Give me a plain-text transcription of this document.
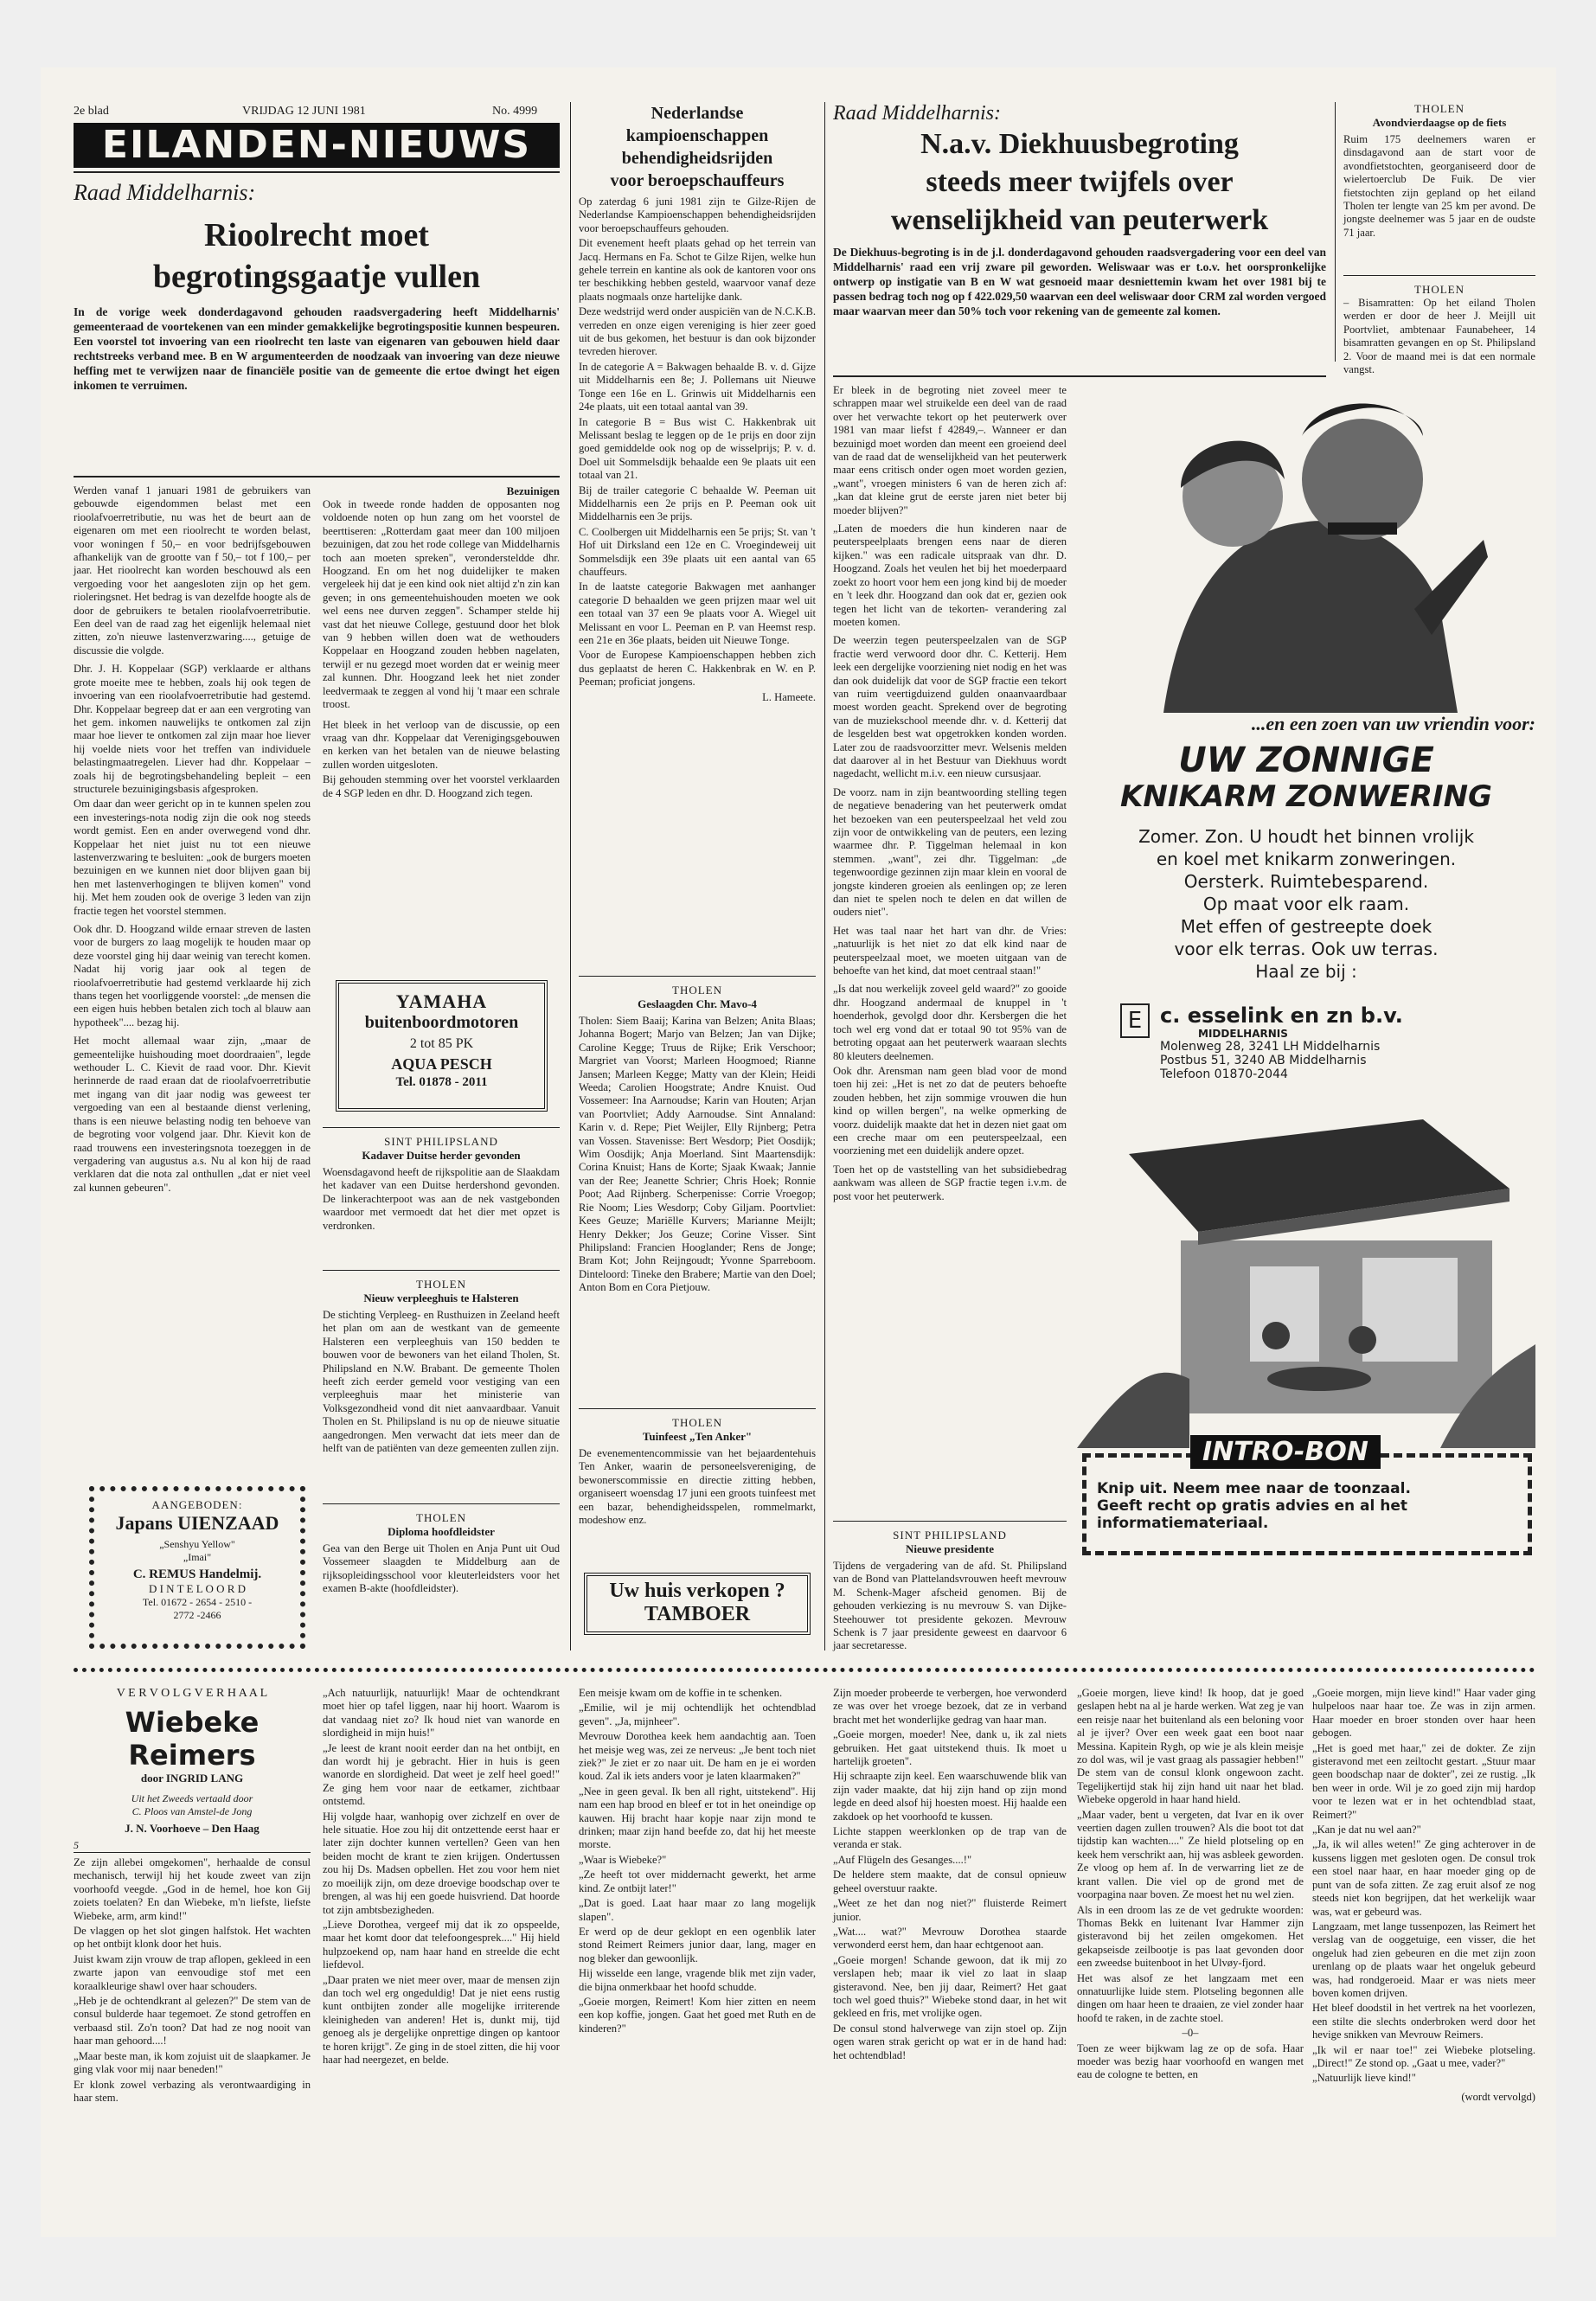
2e blad	VRIJDAG 12 JUNI 1981	No. 4999
EILANDEN-NIEUWS
Raad Middelharnis:
Rioolrecht moet
begrotingsgaatje vullen
In de vorige week donderdagavond gehouden raadsvergadering heeft Middelharnis' gemeenteraad de voortekenen van een minder gemakkelijke begrotingspositie kunnen bespeuren. Een voorstel tot invoering van een rioolrecht ten laste van eigenaren van gebouwen hield daar rechtstreeks verband mee. B en W argumenteerden de noodzaak van invoering van deze nieuwe heffing met te verwijzen naar de financiële positie van de gemeente die ertoe dwingt het eigen inkomen te verruimen.
Werden vanaf 1 januari 1981 de gebruikers van gebouwde eigendommen belast met een rioolafvoerretributie, nu was het de beurt aan de eigenaren om met een rioolrecht te worden belast, voor woningen f 50,– en voor bedrijfsgebouwen afhankelijk van de grootte van f 50,– tot f 100,– per jaar. Het rioolrecht kan worden beschouwd als een vergoeding voor het aangesloten zijn op het gem. rioleringsnet. Het bedrag is van dezelfde hoogte als de door de gebruikers te betalen rioolafvoerretributie. Een deel van de raad zag het eigenlijk helemaal niet zitten, zo'n nieuwe lastenverzwaring...., getuige de discussie die volgde.
Dhr. J. H. Koppelaar (SGP) verklaarde er althans grote moeite mee te hebben, zoals hij ook tegen de invoering van een rioolafvoerretributie had gestemd. Dhr. Koppelaar begreep dat er aan een vergroting van het gem. inkomen nauwelijks te ontkomen zal zijn maar hoe liever te ontkomen zal zijn maar hoe liever hij voelde niets voor het treffen van individuele belastingmaatregelen. Liever had dhr. Koppelaar – zoals hij de begrotingsbehandeling bepleit – een structurele bezuinigingsbasis afgesproken.
Om daar dan weer gericht op in te kunnen spelen zou een investerings-nota nodig zijn die ook nog steeds wordt gemist. Een en ander overwegend vond dhr. Koppelaar het niet juist nu tot een nieuwe lastenverzwaring te besluiten: „ook de burgers moeten bezuinigen en we kunnen niet door blijven gaan bij hen met lastenverhogingen te blijven komen" vond hij. Met hem zouden ook de overige 3 leden van zijn fractie tegen het voorstel stemmen.
Ook dhr. D. Hoogzand wilde ernaar streven de lasten voor de burgers zo laag mogelijk te houden maar op deze voorstel ging hij daar weinig van terecht komen. Nadat hij vorig jaar ook al tegen de rioolafvoerretributie had gestemd verklaarde hij zich thans tegen het voorliggende voorstel: „de mensen die een eigen huis hebben betalen zich toch al blauw aan hypotheek".... bezag hij.
Het mocht allemaal waar zijn, „maar de gemeentelijke huishouding moet doordraaien", legde wethouder L. C. Kievit de raad voor. Dhr. Kievit herinnerde de raad eraan dat de rioolafvoerretributie met ingang van dit jaar nodig was geweest ter vergoeding van een al bestaande dienst verlening, thans is een nieuwe belasting nodig ten behoeve van de begroting voor volgend jaar. Dhr. Kievit kon de raad trouwens een investeringsnota toezeggen in de vergadering van augustus a.s. Nu al kon hij de raad verklaren dat die nota zal onthullen „dat er niet veel zal kunnen gebeuren".
Bezuinigen
Ook in tweede ronde hadden de opposanten nog voldoende noten op hun zang om het voorstel de beerttiseren: „Rotterdam gaat meer dan 100 miljoen bezuinigen, dat zou het rode college van Middelharnis toch aan moeten spreken", verondersteldde dhr. Hoogzand. En om het nog duidelijker te maken vergeleek hij dat je een kind ook niet altijd z'n zin kan geven; in ons gemeentehuishouden moeten we ook wel eens nee durven zeggen". Schamper stelde hij vast dat het nieuwe College, gestuund door het blok van 9 hebben willen doen wat de wethouders Koppelaar en Hoogzand zouden hebben nagelaten, terwijl er nu gezegd moet worden dat er weinig meer zal kunnen. Dhr. Hoogzand leek het niet zonder leedvermaak te zeggen al vond hij 't maar een schrale troost.
Het bleek in het verloop van de discussie, op een vraag van dhr. Koppelaar dat Verenigingsgebouwen en kerken van het betalen van de nieuwe belasting zullen worden uitgesloten.
Bij gehouden stemming over het voorstel verklaarden de 4 SGP leden en dhr. D. Hoogzand zich tegen.
YAMAHA
buitenboordmotoren
2 tot 85 PK
AQUA PESCH
Tel. 01878 - 2011
SINT PHILIPSLAND
Kadaver Duitse herder gevonden
Woensdagavond heeft de rijkspolitie aan de Slaakdam het kadaver van een Duitse herdershond gevonden. De linkerachterpoot was aan de nek vastgebonden waardoor met vermoedt dat het dier met opzet is verdronken.
THOLEN
Nieuw verpleeghuis te Halsteren
De stichting Verpleeg- en Rusthuizen in Zeeland heeft het plan om aan de westkant van de gemeente Halsteren een verpleeghuis van 150 bedden te bouwen voor de bewoners van het eiland Tholen, St. Philipsland en N.W. Brabant. De gemeente Tholen heeft zich eerder gemeld voor vestiging van een verpleeghuis maar het ministerie van Volksgezondheid vond dit niet aanvaardbaar. Vanuit Tholen en St. Philipsland is nu op de nieuwe situatie aangedrongen. Men verwacht dat iets meer dan de helft van de patiënten van deze gemeenten zullen zijn.
THOLEN
Diploma hoofdleidster
Gea van den Berge uit Tholen en Anja Punt uit Oud Vossemeer slaagden te Middelburg aan de rijksopleidingsschool voor kleuterleidsters voor het examen B-akte (hoofdleidster).
AANGEBODEN:
Japans UIENZAAD
„Senshyu Yellow"
„Imai"
C. REMUS Handelmij.
D I N T E L O O R D
Tel. 01672 - 2654 - 2510 -
2772 -2466
Nederlandse
kampioenschappen
behendigheidsrijden
voor beroepschauffeurs
Op zaterdag 6 juni 1981 zijn te Gilze-Rijen de Nederlandse Kampioenschappen behendigheidsrijden voor beroepschauffeurs gehouden.
Dit evenement heeft plaats gehad op het terrein van Jacq. Hermans en Fa. Schot te Gilze Rijen, welke hun gehele terrein en kantine als ook de kantoren voor ons ter beschikking hebben gesteld, waarvoor vanaf deze plaats nogmaals onze hartelijke dank.
Deze wedstrijd werd onder auspiciën van de N.C.K.B. verreden en onze eigen vereniging is hier zeer goed uit de bus gekomen, het bestuur is dan ook bijzonder tevreden hierover.
In de categorie A = Bakwagen behaalde B. v. d. Gijze uit Middelharnis een 8e; J. Pollemans uit Nieuwe Tonge een 16e en L. Grinwis uit Middelharnis een 24e plaats, uit een totaal aantal van 39.
In categorie B = Bus wist C. Hakkenbrak uit Melissant beslag te leggen op de 1e prijs en door zijn goed gemiddelde ook nog op de wisselprijs; P. v. d. Doel uit Sommelsdijk behaalde een 9e plaats uit een totaal van 21.
Bij de trailer categorie C behaalde W. Peeman uit Middelharnis een 2e prijs en P. Peeman ook uit Middelharnis een 3e prijs.
C. Coolbergen uit Middelharnis een 5e prijs; St. van 't Hof uit Dirksland een 12e en C. Vroegindeweij uit Sommelsdijk een 39e plaats uit een aantal van 65 chauffeurs.
In de laatste categorie Bakwagen met aanhanger categorie D behaalden we geen prijzen maar wel uit een totaal van 37 een 9e plaats voor A. Wiegel uit Melissant en voor L. Peeman en P. van Heemst resp. een 21e en 36e plaats, beiden uit Nieuwe Tonge.
Voor de Europese Kampioenschappen hebben zich dus geplaatst de heren C. Hakkenbrak en W. en P. Peeman; proficiat jongens.
L. Hameete.
THOLEN
Geslaagden Chr. Mavo-4
Tholen: Siem Baaij; Karina van Belzen; Anita Blaas; Johanna Bogert; Marjo van Belzen; Jan van Dijke; Caroline Kegge; Truus de Rijke; Erik Verschoor; Margriet van Voorst; Marleen Hoogmoed; Rianne Jansen; Marleen Kegge; Matty van der Klein; Heidi Weeda; Carolien Hoogstrate; Andre Knuist. Oud Vossemeer: Ina Aarnoudse; Karin van Houten; Arjan van Poortvliet; Addy Aarnoudse. Sint Annaland: Karin v. d. Repe; Piet Weijler, Elly Rijnberg; Petra van Vossen. Stavenisse: Bert Wesdorp; Piet Oosdijk; Wim Oosdijk; Anja Moerland. Sint Maartensdijk: Corina Knuist; Hans de Korte; Sjaak Kwaak; Jannie van der Ree; Jeanette Schrier; Chris Hoek; Ronnie Poot; Aad Rijnberg. Scherpenisse: Corrie Vroegop; Rie Noom; Lies Wesdorp; Coby Giljam. Poortvliet: Kees Geuze; Mariëlle Kurvers; Marianne Meijlt; Henry Dekker; Jos Geuze; Corine Visser. Sint Philipsland: Francien Hooglander; Rens de Jonge; Bram Kot; John Reijngoudt; Yvonne Sparreboom. Dinteloord: Tineke den Brabere; Martie van den Doel; Anton Bom en Cora Pietjouw.
THOLEN
Tuinfeest „Ten Anker"
De evenementencommissie van het bejaardentehuis Ten Anker, waarin de personeelsvereniging, de bewonerscommissie en directie zitting hebben, organiseert woensdag 17 juni een groots tuinfeest met een bazar, behendigheidsspelen, rommelmarkt, modeshow enz.
Uw huis verkopen ?
TAMBOER
Raad Middelharnis:
N.a.v. Diekhuusbegroting
steeds meer twijfels over
wenselijkheid van peuterwerk
De Diekhuus-begroting is in de j.l. donderdagavond gehouden raadsvergadering voor een deel van Middelharnis' raad een vrij zware pil geworden. Weliswaar was er t.o.v. het oorspronkelijke ontwerp op instigatie van B en W wat gesnoeid maar desniettemin kwam het over 1981 bij te passen bedrag toch nog op f 422.029,50 waarvan een deel weliswaar door CRM zal worden vergoed maar waarvan meer dan 50% toch voor rekening van de gemeente zal komen.
Er bleek in de begroting niet zoveel meer te schrappen maar wel struikelde een deel van de raad over het verwachte tekort op het peuterwerk over 1981 van maar liefst f 42849,–. Wanneer er dan bezuinigd moet worden dan meent een groeiend deel van de raad dat de wenselijkheid van het peuterwerk maar eens critisch onder ogen moet worden gezien, „want", vroegen ministers 6 van de heren zich af: „kan dat kleine grut de eerste jaren niet beter bij moeder blijven?"
„Laten de moeders die hun kinderen naar de peuterspeelplaats brengen eens naar de dieren kijken." was een radicale uitspraak van dhr. D. Hoogzand. Zoals het veulen het bij het moederpaard zoekt zo hoort voor hem een jong kind bij de moeder en 't leek dhr. Hoogzand dan ook dat er, gezien ook tegen het licht van de tekorten- verandering zal moeten komen.
De weerzin tegen peuterspeelzalen van de SGP fractie werd verwoord door dhr. C. Ketterij. Hem leek een dergelijke voorziening niet nodig en het was dan ook duidelijk dat voor de SGP fractie een tekort van ruim veertigduizend gulden onaanvaardbaar moest worden geacht. Sprekend over de begroting van de muziekschool meende dhr. v. d. Ketterij dat de lesgelden best wat opgetrokken konden worden. Later zou de raadsvoorzitter mevr. Welsenis melden dat daarover al in het Bestuur van Diekhuus wordt nagedacht, wellicht m.i.v. een nieuw cursusjaar.
De voorz. nam in zijn beantwoording stelling tegen de negatieve benadering van het peuterwerk omdat het bezoeken van een peuterspeelzaal het veld zou zijn voor de ontwikkeling van de peuters, een lezing waarmee dhr. P. Tiggelman helemaal in kon stemmen. „want", zei dhr. Tiggelman: „de tegenwoordige gezinnen zijn maar klein en vooral de jongste kinderen groeien als eenlingen op; ze leren dan niet te spelen noch te delen en dat willen de ouders niet".
Het was taal naar het hart van dhr. de Vries: „natuurlijk is het niet zo dat elk kind naar de peuterspeelzaal moet, we moeten uitgaan van de behoefte van het kind, dat moet centraal staan!"
„Is dat nou werkelijk zoveel geld waard?" zo gooide dhr. Hoogzand andermaal de knuppel in 't hoenderhok, gevolgd door dhr. Kersbergen die het toch wel erg vond dat er totaal 90 tot 95% van de betroting opgaat aan het peuterwerk waaraan slechts 80 kleuters deelnemen.
Ook dhr. Arensman nam geen blad voor de mond toen hij zei: „Het is net zo dat de peuters behoefte zouden hebben, het zijn sommige vrouwen die hun kind op willen bergen", na welke opmerking de voorz. duidelijk maakte dat het in dezen niet gaat om een creche maar om een peuterspeelzaal, een voorziening met een duidelijk andere opzet.
Toen het op de vaststelling van het subsidiebedrag aankwam was alleen de SGP fractie tegen i.v.m. de post voor het peuterwerk.
SINT PHILIPSLAND
Nieuwe presidente
Tijdens de vergadering van de afd. St. Philipsland van de Bond van Plattelandsvrouwen heeft mevrouw M. Schenk-Mager afscheid genomen. Bij de gehouden verkiezing is nu mevrouw S. van Dijke-Steehouwer tot presidente gekozen. Mevrouw Schenk is 7 jaar presidente geweest en daarvoor 6 jaar secretaresse.
THOLEN
Avondvierdaagse op de fiets
Ruim 175 deelnemers waren er dinsdagavond aan de start voor de avondfietstochten, georganiseerd door de wielertoerclub De Fuik. De vier fietstochten zijn gepland op het eiland Tholen ter lengte van 25 km per avond. De jongste deelnemer was 5 jaar en de oudste 71 jaar.
THOLEN
– Bisamratten: Op het eiland Tholen werden er door de heer J. Meijll uit Poortvliet, ambtenaar Faunabeheer, 14 bisamratten gevangen en op St. Philipsland 2. Voor de maand mei is dat een normale vangst.
...en een zoen van uw vriendin voor:
UW ZONNIGE
KNIKARM ZONWERING
Zomer. Zon. U houdt het binnen vrolijk
en koel met knikarm zonweringen.
Oersterk. Ruimtebesparend.
Op maat voor elk raam.
Met effen of gestreepte doek
voor elk terras. Ook uw terras.
Haal ze bij :
E c. esselink en zn b.v.
MIDDELHARNIS
Molenweg 28, 3241 LH Middelharnis
Postbus 51, 3240 AB Middelharnis
Telefoon 01870-2044
INTRO-BON
Knip uit. Neem mee naar de toonzaal.
Geeft recht op gratis advies en al het
informatiemateriaal.
V E R V O L G V E R H A A L
Wiebeke Reimers
door INGRID LANG
Uit het Zweeds vertaald door
C. Ploos van Amstel-de Jong
J. N. Voorhoeve – Den Haag
5
Ze zijn allebei omgekomen", herhaalde de consul mechanisch, terwijl hij het koude zweet van zijn voorhoofd veegde. „God in de hemel, hoe kon Gij zoiets toelaten? En dan Wiebeke, m'n liefste, liefste Wiebeke, arm, arm kind!"
De vlaggen op het slot gingen halfstok. Het wachten op het ontbijt klonk door het huis.
Juist kwam zijn vrouw de trap aflopen, gekleed in een zwarte japon van eenvoudige stof met een koraalkleurige shawl over haar schouders.
„Heb je de ochtendkrant al gelezen?" De stem van de consul bulderde haar tegemoet. Ze stond getroffen en verbaasd stil. Zo'n toon? Dat had ze nog nooit van haar man gehoord....!
„Maar beste man, ik kom zojuist uit de slaapkamer. Je ging vlak voor mij naar beneden!"
Er klonk zowel verbazing als verontwaardiging in haar stem.
„Ach natuurlijk, natuurlijk! Maar de ochtendkrant moet hier op tafel liggen, naar hij hoort. Waarom is dat vandaag niet zo? Ik houd niet van wanorde en slordigheid in mijn huis!"
„Je leest de krant nooit eerder dan na het ontbijt, en dan wordt hij je gebracht. Hier in huis is geen wanorde en slordigheid. Dat weet je zelf heel goed!" Ze ging hem voor naar de eetkamer, zichtbaar ontstemd.
Hij volgde haar, wanhopig over zichzelf en over de hele situatie. Hoe zou hij dit ontzettende eerst haar er later zijn dochter kunnen vertellen? Geen van hen beiden mocht de krant te zien krijgen. Ondertussen zou hij Ds. Madsen opbellen. Het zou voor hem niet zo moeilijk zijn, om deze droevige boodschap over te brengen, al was hij een goede huisvriend. Dat hoorde tot zijn ambtsbezigheden.
„Lieve Dorothea, vergeef mij dat ik zo opspeelde, maar het komt door dat telefoongesprek...." Hij hield hulpzoekend op, nam haar hand en streelde die echt liefdevol.
„Daar praten we niet meer over, maar de mensen zijn dan toch wel erg ongeduldig! Dat je niet eens rustig kunt ontbijten zonder alle mogelijke irriterende kleinigheden van anderen! Het is, dunkt mij, tijd genoeg als je dergelijke onprettige dingen op kantoor te horen krijgt". Ze ging in de stoel zitten, die hij voor haar had neergezet, en belde.
Een meisje kwam om de koffie in te schenken.
„Emilie, wil je mij ochtendlijk het ochtendblad geven". „Ja, mijnheer".
Mevrouw Dorothea keek hem aandachtig aan. Toen het meisje weg was, zei ze nerveus: „Je bent toch niet ziek?" Je ziet er zo naar uit. De ham en je ei worden koud. Zal ik iets anders voor je laten klaarmaken?"
„Nee in geen geval. Ik ben all right, uitstekend". Hij nam een hap brood en bleef er tot in het oneindige op kauwen. Hij bracht haar kopje naar zijn mond te drinken; maar zijn hand beefde zo, dat hij het meeste morste.
„Waar is Wiebeke?"
„Ze heeft tot over middernacht gewerkt, het arme kind. Ze ontbijt later!"
„Dat is goed. Laat haar maar zo lang mogelijk slapen".
Er werd op de deur geklopt en een ogenblik later stond Reimert Reimers junior daar, lang, mager en nog bleker dan gewoonlijk.
Hij wisselde een lange, vragende blik met zijn vader, die bijna onmerkbaar het hoofd schudde.
„Goeie morgen, Reimert! Kom hier zitten en neem een kop koffie, jongen. Gaat het goed met Ruth en de kinderen?"
Zijn moeder probeerde te verbergen, hoe verwonderd ze was over het vroege bezoek, dat ze in verband bracht met het wonderlijke gedrag van haar man.
„Goeie morgen, moeder! Nee, dank u, ik zal niets gebruiken. Het gaat uitstekend thuis. Ik moet u hartelijk groeten".
Hij schraapte zijn keel. Een waarschuwende blik van zijn vader maakte, dat hij zijn hand op zijn mond legde en deed alsof hij hoesten moest. Hij haalde een zakdoek op het voorhoofd te kussen.
Lichte stappen weerklonken op de trap van de veranda er stak.
„Auf Flügeln des Gesanges....!"
De heldere stem maakte, dat de consul opnieuw geheel overstuur raakte.
„Weet ze het dan nog niet?" fluisterde Reimert junior.
„Wat.... wat?" Mevrouw Dorothea staarde verwonderd eerst hem, dan haar echtgenoot aan.
„Goeie morgen! Schande gewoon, dat ik mij zo verslapen heb; maar ik viel zo laat in slaap gisteravond. Nee, ben jij daar, Reimert? Het gaat toch wel goed thuis?" Wiebeke stond daar, in het wit gekleed en fris, met vrolijke ogen.
De consul stond halverwege van zijn stoel op. Zijn ogen waren strak gericht op wat er in de hand had: het ochtendblad!
„Goeie morgen, lieve kind! Ik hoop, dat je goed geslapen hebt na al je harde werken. Wat zeg je van een reisje naar het buitenland als een beloning voor al je ijver? Over een week gaat een boot naar Messina. Kapitein Rygh, op wie je als klein meisje zo dol was, wil je vast graag als passagier hebben!" De stem van de consul klonk ongewoon zacht. Tegelijkertijd stak hij zijn hand uit naar het blad. Wiebeke opgerold in haar hand hield.
„Maar vader, bent u vergeten, dat Ivar en ik over veertien dagen zullen trouwen? Als die boot tot dat tijdstip kan wachten...." Ze hield plotseling op en keek hem verschrikt aan, hij was asbleek geworden. Ze vloog op hem af. In de verwarring liet ze de krant vallen. Die viel op de grond met de voorpagina naar boven. Ze moest het nu wel zien.
Als in een droom las ze de vet gedrukte woorden: Thomas Bekk en luitenant Ivar Hammer zijn gisteravond bij het zeilen omgekomen. Het gekapseisde zeilbootje is pas laat gevonden door een zweedse buitenboot in het Ulvøy-fjord.
Het was alsof ze het langzaam met een onnatuurlijke luide stem. Plotseling begonnen alle dingen om haar heen te draaien, ze viel zonder haar hoofd te raken, in de zachte stoel.
–0–
Toen ze weer bijkwam lag ze op de sofa. Haar moeder was bezig haar voorhoofd en wangen met eau de cologne te betten, en
„Goeie morgen, mijn lieve kind!" Haar vader ging hulpeloos naar haar toe. Ze was in zijn armen. Haar moeder en broer stonden over haar heen gebogen.
„Het is goed met haar," zei de dokter. Ze zijn gisteravond met een zeiltocht gestart. „Stuur maar geen boodschap naar de dokter", zei ze rustig. „Ik ben weer in orde. Wil je zo goed zijn mij hardop voor te lezen wat er in het ochtendblad staat, Reimert?"
„Kan je dat nu wel aan?"
„Ja, ik wil alles weten!" Ze ging achterover in de kussens liggen met gesloten ogen. De consul trok een stoel naar haar, en haar moeder ging op de punt van de sofa zitten. Ze zag eruit alsof ze nog steeds niet kon begrijpen, dat het werkelijk waar was, wat er gebeurd was.
Langzaam, met lange tussenpozen, las Reimert het verslag van de ooggetuige, een visser, die het ongeluk had zien gebeuren en die met zijn zoon urenlang op de plaats waar het ongeluk gebeurd was, had rondgeroeid. Maar er was niets meer boven komen drijven.
Het bleef doodstil in het vertrek na het voorlezen, een stilte die slechts onderbroken werd door het hevige snikken van Mevrouw Reimers.
„Ik wil er naar toe!" zei Wiebeke plotseling. „Direct!" Ze stond op. „Gaat u mee, vader?"
„Natuurlijk lieve kind!"
(wordt vervolgd)
